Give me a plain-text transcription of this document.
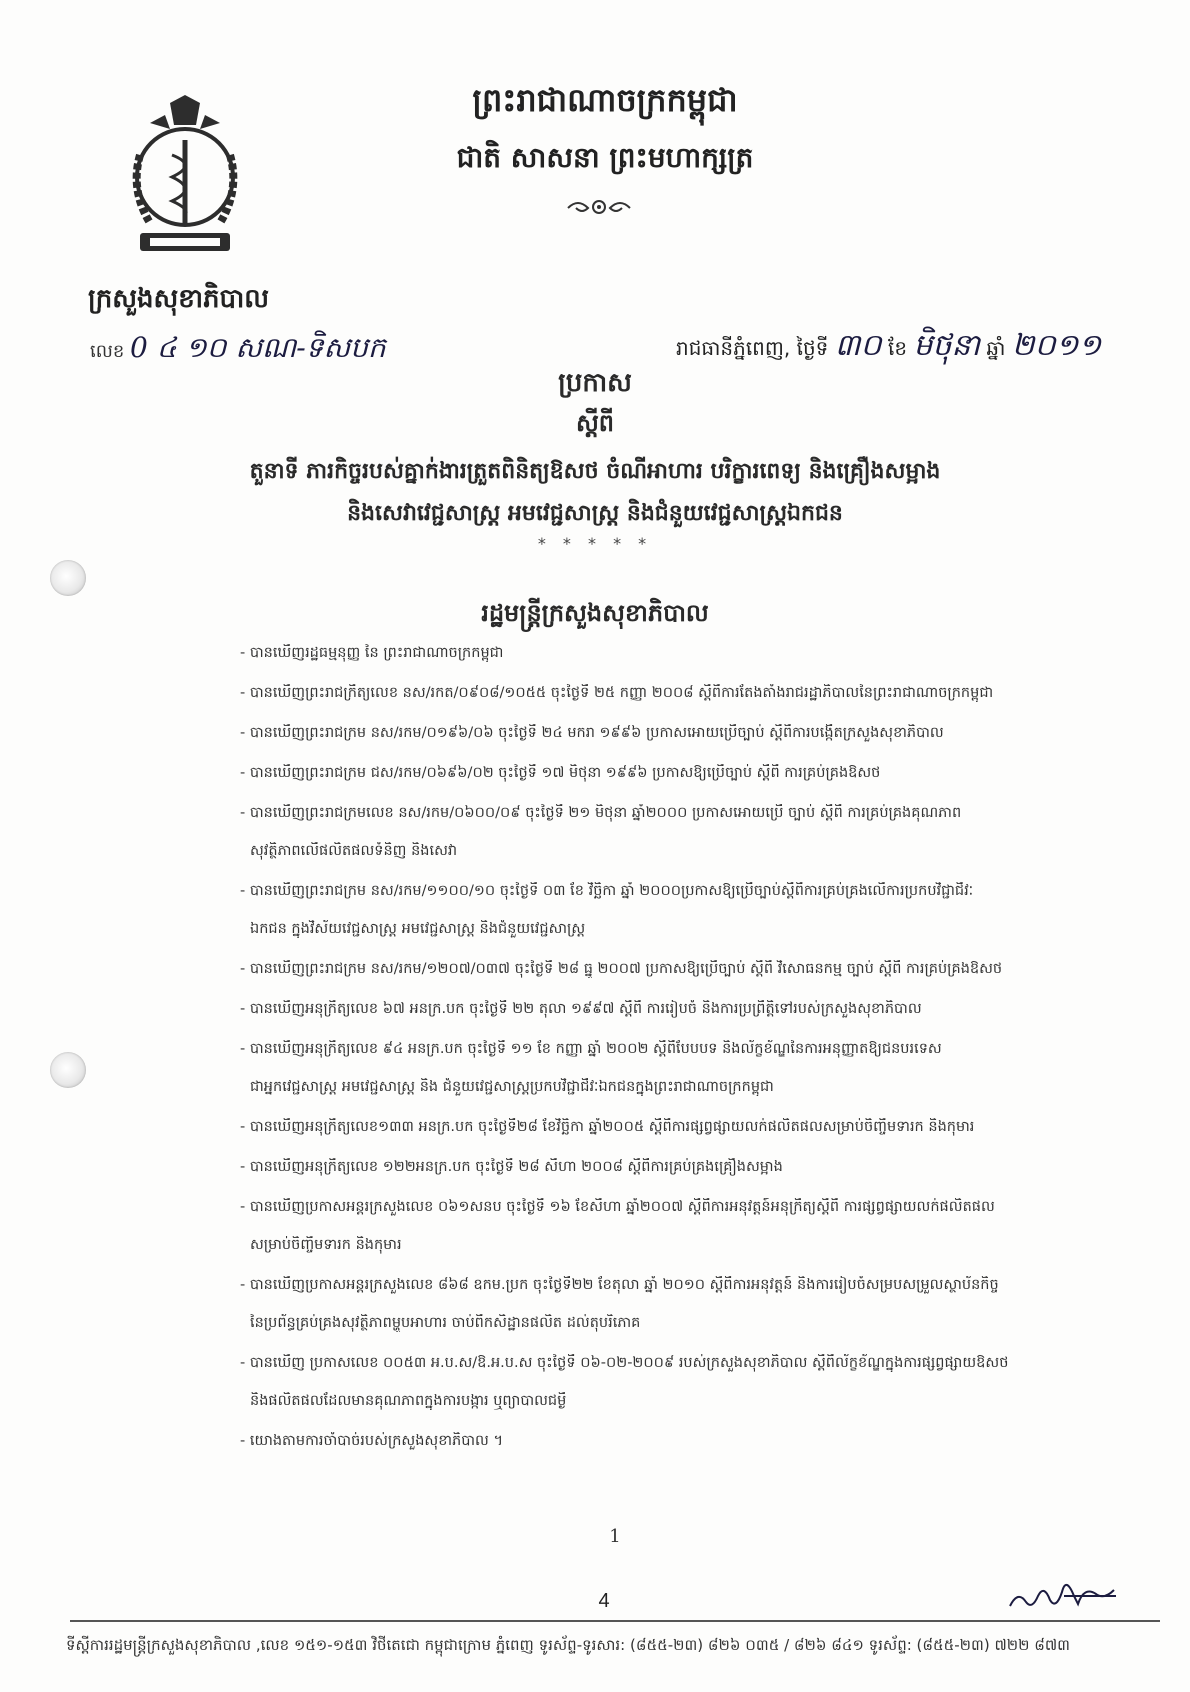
ក្រសួងសុខាភិបាល
លេខ 0 ៤ ១០ សណ-ទិសបក
ព្រះរាជាណាចក្រកម្ពុជា
ជាតិ សាសនា ព្រះមហាក្សត្រ
រាជធានីភ្នំពេញ, ថ្ងៃទី ៣០ ខែ មិថុនា ឆ្នាំ ២០១១
ប្រកាស
ស្តីពី
តួនាទី ភារកិច្ចរបស់គ្នាក់ងារត្រួតពិនិត្យឱសថ ចំណីអាហារ បរិក្ខារពេទ្យ និងគ្រឿងសម្អាង
និងសេវាវេជ្ជសាស្ត្រ អមវេជ្ជសាស្ត្រ និងជំនួយវេជ្ជសាស្ត្រឯកជន
* * * * *
រដ្ឋមន្ត្រីក្រសួងសុខាភិបាល
- បានឃើញរដ្ឋធម្មនុញ្ញ នៃ ព្រះរាជាណាចក្រកម្ពុជា
- បានឃើញព្រះរាជក្រឹត្យលេខ នស/រកត/០៩០៨/១០៥៥ ចុះថ្ងៃទី ២៥ កញ្ញា ២០០៨ ស្តីពីការតែងតាំងរាជរដ្ឋាភិបាលនៃព្រះរាជាណាចក្រកម្ពុជា
- បានឃើញព្រះរាជក្រម នស/រកម/០១៩៦/០៦ ចុះថ្ងៃទី ២៤ មករា ១៩៩៦ ប្រកាសអោយប្រើច្បាប់ ស្តីពីការបង្កើតក្រសួងសុខាភិបាល
- បានឃើញព្រះរាជក្រម ជស/រកម/០៦៩៦/០២ ចុះថ្ងៃទី ១៧ មិថុនា ១៩៩៦ ប្រកាសឱ្យប្រើច្បាប់ ស្តីពី ការគ្រប់គ្រងឱសថ
- បានឃើញព្រះរាជក្រមលេខ នស/រកម/០៦០០/០៩ ចុះថ្ងៃទី ២១ មិថុនា ឆ្នាំ២០០០ ប្រកាសអោយប្រើ ច្បាប់ ស្តីពី ការគ្រប់គ្រងគុណភាព
សុវត្ថិភាពលើផលិតផលទំនិញ និងសេវា
- បានឃើញព្រះរាជក្រម នស/រកម/១១០០/១០ ចុះថ្ងៃទី ០៣ ខែ វិច្ឆិកា ឆ្នាំ ២០០០ប្រកាសឱ្យប្រើច្បាប់ស្តីពីការគ្រប់គ្រងលើការប្រកបវិជ្ជាជីវៈ
ឯកជន ក្នុងវិស័យវេជ្ជសាស្ត្រ អមវេជ្ជសាស្ត្រ និងជំនួយវេជ្ជសាស្ត្រ
- បានឃើញព្រះរាជក្រម នស/រកម/១២០៧/០៣៧ ចុះថ្ងៃទី ២៨ ធ្នូ ២០០៧ ប្រកាសឱ្យប្រើច្បាប់ ស្តីពី វិសោធនកម្ម ច្បាប់ ស្តីពី ការគ្រប់គ្រងឱសថ
- បានឃើញអនុក្រឹត្យលេខ ៦៧ អនក្រ.បក ចុះថ្ងៃទី ២២ តុលា ១៩៩៧ ស្តីពី ការរៀបចំ និងការប្រព្រឹត្តិទៅរបស់ក្រសួងសុខាភិបាល
- បានឃើញអនុក្រឹត្យលេខ ៩៤ អនក្រ.បក ចុះថ្ងៃទី ១១ ខែ កញ្ញា ឆ្នាំ ២០០២ ស្តីពីបែបបទ និងល័ក្ខខ័ណ្ឌនៃការអនុញ្ញាតឱ្យជនបរទេស
ជាអ្នកវេជ្ជសាស្ត្រ អមវេជ្ជសាស្ត្រ និង ជំនួយវេជ្ជសាស្ត្រប្រកបវិជ្ជាជីវៈឯកជនក្នុងព្រះរាជាណាចក្រកម្ពុជា
- បានឃើញអនុក្រឹត្យលេខ១៣៣ អនក្រ.បក ចុះថ្ងៃទី២៨ ខែវិច្ឆិកា ឆ្នាំ២០០៥ ស្តីពីការផ្សព្វផ្សាយលក់ផលិតផលសម្រាប់ចិញ្ចឹមទារក និងកុមារ
- បានឃើញអនុក្រឹត្យលេខ ១២២អនក្រ.បក ចុះថ្ងៃទី ២៨ សីហា ២០០៨ ស្តីពីការគ្រប់គ្រងគ្រឿងសម្អាង
- បានឃើញប្រកាសអន្តរក្រសួងលេខ ០៦១សនប ចុះថ្ងៃទី ១៦ ខែសីហា ឆ្នាំ២០០៧ ស្តីពីការអនុវត្តន៍អនុក្រឹត្យស្តីពី ការផ្សព្វផ្សាយលក់ផលិតផល
សម្រាប់ចិញ្ចឹមទារក និងកុមារ
- បានឃើញប្រកាសអន្តរក្រសួងលេខ ៨៦៨ ឧកម.ប្រក ចុះថ្ងៃទី២២ ខែតុលា ឆ្នាំ ២០១០ ស្តីពីការអនុវត្តន៍ និងការរៀបចំសម្របសម្រួលស្ថាប័នកិច្ច
នៃប្រព័ន្ធគ្រប់គ្រងសុវត្ថិភាពម្ហូបអាហារ ចាប់ពីកសិដ្ឋានផលិត ដល់តុបរិភោគ
- បានឃើញ ប្រកាសលេខ ០០៥៣ អ.ប.ស/ឱ.អ.ប.ស ចុះថ្ងៃទី ០៦-០២-២០០៩ របស់ក្រសួងសុខាភិបាល ស្តីពីល័ក្ខខ័ណ្ឌក្នុងការផ្សព្វផ្សាយឱសថ
និងផលិតផលដែលមានគុណភាពក្នុងការបង្ការ ឬព្យាបាលជម្ងឺ
- យោងតាមការចាំបាច់របស់ក្រសួងសុខាភិបាល ។
1
4
ទីស្តីការរដ្ឋមន្ត្រីក្រសួងសុខាភិបាល ,លេខ ១៥១-១៥៣ វិថីតេជោ កម្ពុជាក្រោម ភ្នំពេញ ទូរស័ព្ទ-ទូរសារ: (៨៥៥-២៣) ៨២៦ ០៣៥ / ៨២៦ ៨៤១ ទូរស័ព្ទ: (៨៥៥-២៣) ៧២២ ៨៧៣
